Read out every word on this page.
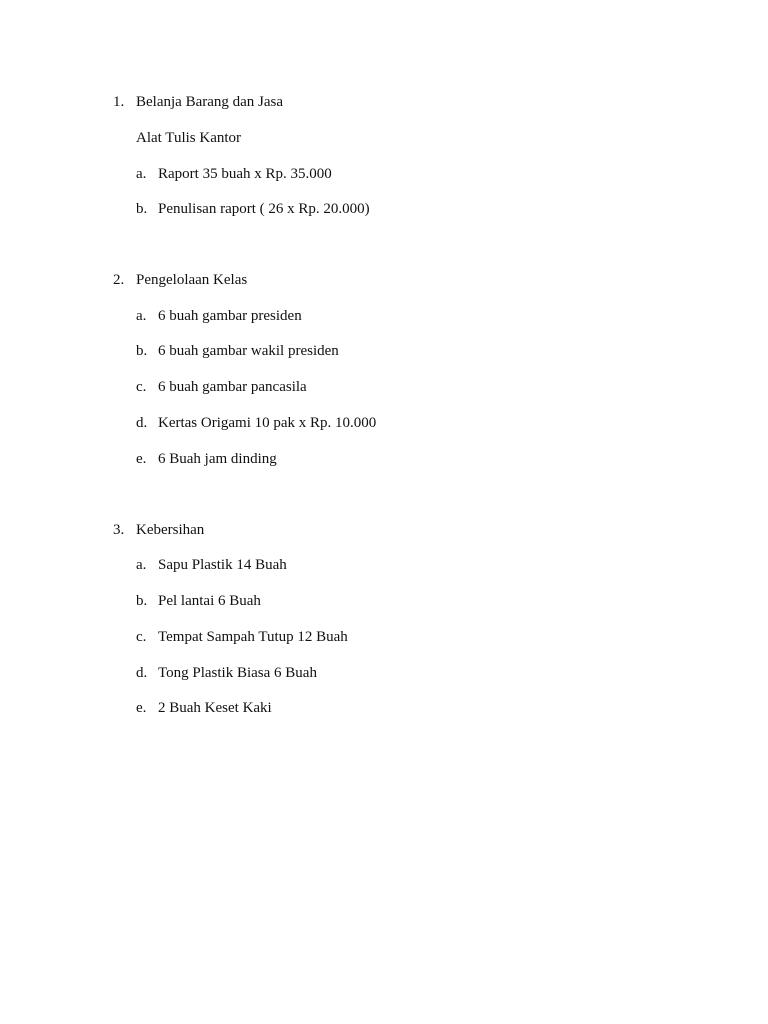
1. Belanja Barang dan Jasa
Alat Tulis Kantor
a. Raport 35 buah x Rp. 35.000
b. Penulisan raport ( 26 x Rp. 20.000)
2. Pengelolaan Kelas
a. 6 buah gambar presiden
b. 6 buah gambar wakil presiden
c. 6 buah gambar pancasila
d. Kertas Origami 10 pak x Rp. 10.000
e. 6 Buah jam dinding
3. Kebersihan
a. Sapu Plastik 14 Buah
b. Pel lantai 6 Buah
c. Tempat Sampah Tutup 12 Buah
d. Tong Plastik Biasa 6 Buah
e. 2 Buah Keset Kaki
